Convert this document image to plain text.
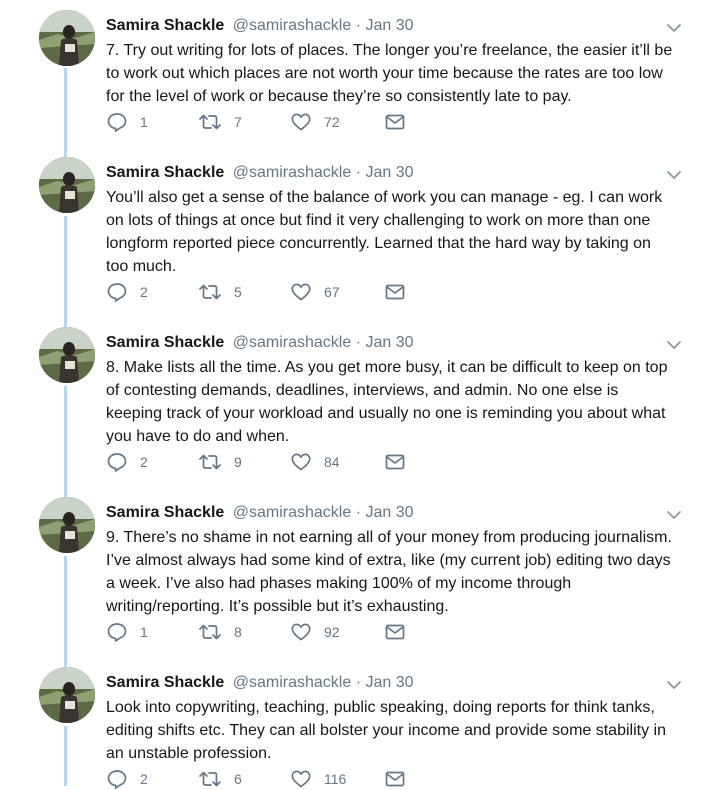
Samira Shackle @samirashackle · Jan 30
7. Try out writing for lots of places. The longer you’re freelance, the easier it’ll be
to work out which places are not worth your time because the rates are too low
for the level of work or because they’re so consistently late to pay.
1	7	72
Samira Shackle @samirashackle · Jan 30
You’ll also get a sense of the balance of work you can manage - eg. I can work
on lots of things at once but find it very challenging to work on more than one
longform reported piece concurrently. Learned that the hard way by taking on
too much.
2	5	67
Samira Shackle @samirashackle · Jan 30
8. Make lists all the time. As you get more busy, it can be difficult to keep on top
of contesting demands, deadlines, interviews, and admin. No one else is
keeping track of your workload and usually no one is reminding you about what
you have to do and when.
2	9	84
Samira Shackle @samirashackle · Jan 30
9. There’s no shame in not earning all of your money from producing journalism.
I’ve almost always had some kind of extra, like (my current job) editing two days
a week. I’ve also had phases making 100% of my income through
writing/reporting. It’s possible but it’s exhausting.
1	8	92
Samira Shackle @samirashackle · Jan 30
Look into copywriting, teaching, public speaking, doing reports for think tanks,
editing shifts etc. They can all bolster your income and provide some stability in
an unstable profession.
2	6	116
